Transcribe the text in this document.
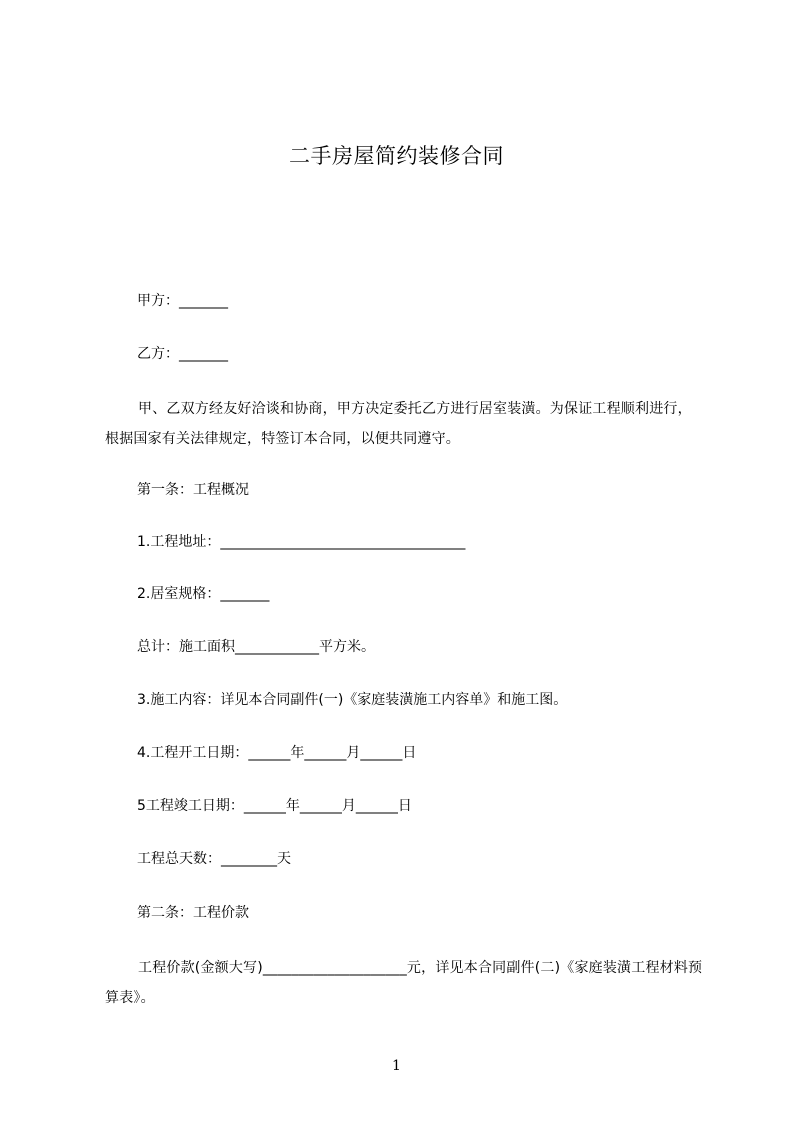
二手房屋简约装修合同
甲方：_______
乙方：_______
甲、乙双方经友好洽谈和协商，甲方决定委托乙方进行居室装潢。为保证工程顺利进行，根据国家有关法律规定，特签订本合同，以便共同遵守。
第一条：工程概况
1.工程地址：___________________________________
2.居室规格：_______
总计：施工面积____________平方米。
3.施工内容：详见本合同副件(一)《家庭装潢施工内容单》和施工图。
4.工程开工日期：______年______月______日
5工程竣工日期：______年______月______日
工程总天数：________天
第二条：工程价款
工程价款(金额大写)____________________元，详见本合同副件(二)《家庭装潢工程材料预算表》。
1
